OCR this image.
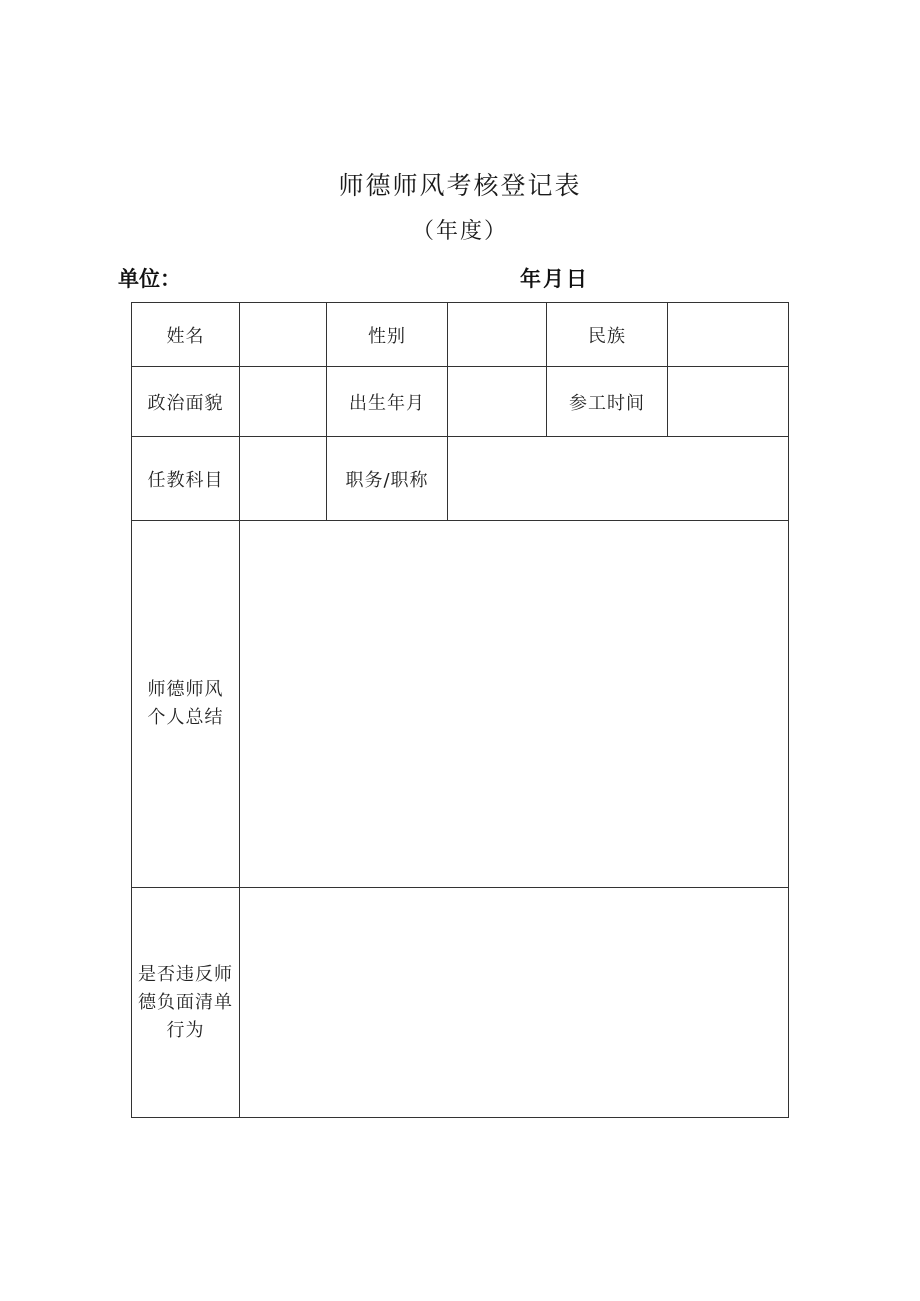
师德师风考核登记表
（年度）
单位：	年月日
姓名		性别		民族	
政治面貌		出生年月		参工时间	
任教科目		职务/职称			

师德师风
个人总结					

是否违反师
德负面清单
行为					
